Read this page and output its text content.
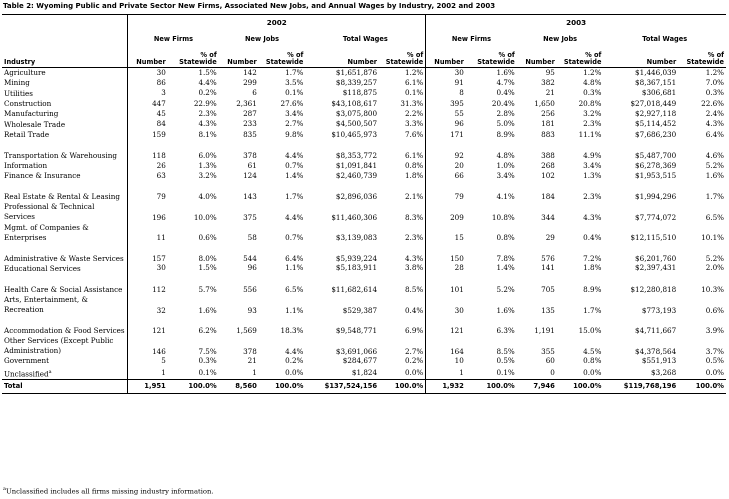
Table 2: Wyoming Public and Private Sector New Firms, Associated New Jobs, and Annual Wages by Industry, 2002 and 2003
	2002						2003					
	New Firms		New Jobs		Total Wages		New Firms		New Jobs		Total Wages	
Industry	Number	% of Statewide	Number	% of Statewide	Number	% of Statewide	Number	% of Statewide	Number	% of Statewide	Number	% of Statewide
Agriculture	30	1.5%	142	1.7%	$1,651,876	1.2%	30	1.6%	95	1.2%	$1,446,039	1.2%
Mining	86	4.4%	299	3.5%	$8,339,257	6.1%	91	4.7%	382	4.8%	$8,367,151	7.0%
Utilities	3	0.2%	6	0.1%	$118,875	0.1%	8	0.4%	21	0.3%	$306,681	0.3%
Construction	447	22.9%	2,361	27.6%	$43,108,617	31.3%	395	20.4%	1,650	20.8%	$27,018,449	22.6%
Manufacturing	45	2.3%	287	3.4%	$3,075,800	2.2%	55	2.8%	256	3.2%	$2,927,118	2.4%
Wholesale Trade	84	4.3%	233	2.7%	$4,500,507	3.3%	96	5.0%	181	2.3%	$5,114,452	4.3%
Retail Trade	159	8.1%	835	9.8%	$10,465,973	7.6%	171	8.9%	883	11.1%	$7,686,230	6.4%
Transportation & Warehousing	118	6.0%	378	4.4%	$8,353,772	6.1%	92	4.8%	388	4.9%	$5,487,700	4.6%
Information	26	1.3%	61	0.7%	$1,091,841	0.8%	20	1.0%	268	3.4%	$6,278,369	5.2%
Finance & Insurance	63	3.2%	124	1.4%	$2,460,739	1.8%	66	3.4%	102	1.3%	$1,953,515	1.6%
Real Estate & Rental & Leasing	79	4.0%	143	1.7%	$2,896,036	2.1%	79	4.1%	184	2.3%	$1,994,296	1.7%
Professional & Technical Services	196	10.0%	375	4.4%	$11,460,306	8.3%	209	10.8%	344	4.3%	$7,774,072	6.5%
Mgmt. of Companies & Enterprises	11	0.6%	58	0.7%	$3,139,083	2.3%	15	0.8%	29	0.4%	$12,115,510	10.1%
Administrative & Waste Services	157	8.0%	544	6.4%	$5,939,224	4.3%	150	7.8%	576	7.2%	$6,201,760	5.2%
Educational Services	30	1.5%	96	1.1%	$5,183,911	3.8%	28	1.4%	141	1.8%	$2,397,431	2.0%
Health Care & Social Assistance	112	5.7%	556	6.5%	$11,682,614	8.5%	101	5.2%	705	8.9%	$12,280,818	10.3%
Arts, Entertainment, & Recreation	32	1.6%	93	1.1%	$529,387	0.4%	30	1.6%	135	1.7%	$773,193	0.6%
Accommodation & Food Services	121	6.2%	1,569	18.3%	$9,548,771	6.9%	121	6.3%	1,191	15.0%	$4,711,667	3.9%
Other Services (Except Public Administration)	146	7.5%	378	4.4%	$3,691,066	2.7%	164	8.5%	355	4.5%	$4,378,564	3.7%
Government	5	0.3%	21	0.2%	$284,677	0.2%	10	0.5%	60	0.8%	$551,913	0.5%
Unclassified$^a$	1	0.1%	1	0.0%	$1,824	0.0%	1	0.1%	0	0.0%	$3,268	0.0%
Total	1,951	100.0%	8,560	100.0%	$137,524,156	100.0%	1,932	100.0%	7,946	100.0%	$119,768,196	100.0%
$^a$Unclassified includes all firms missing industry information.
